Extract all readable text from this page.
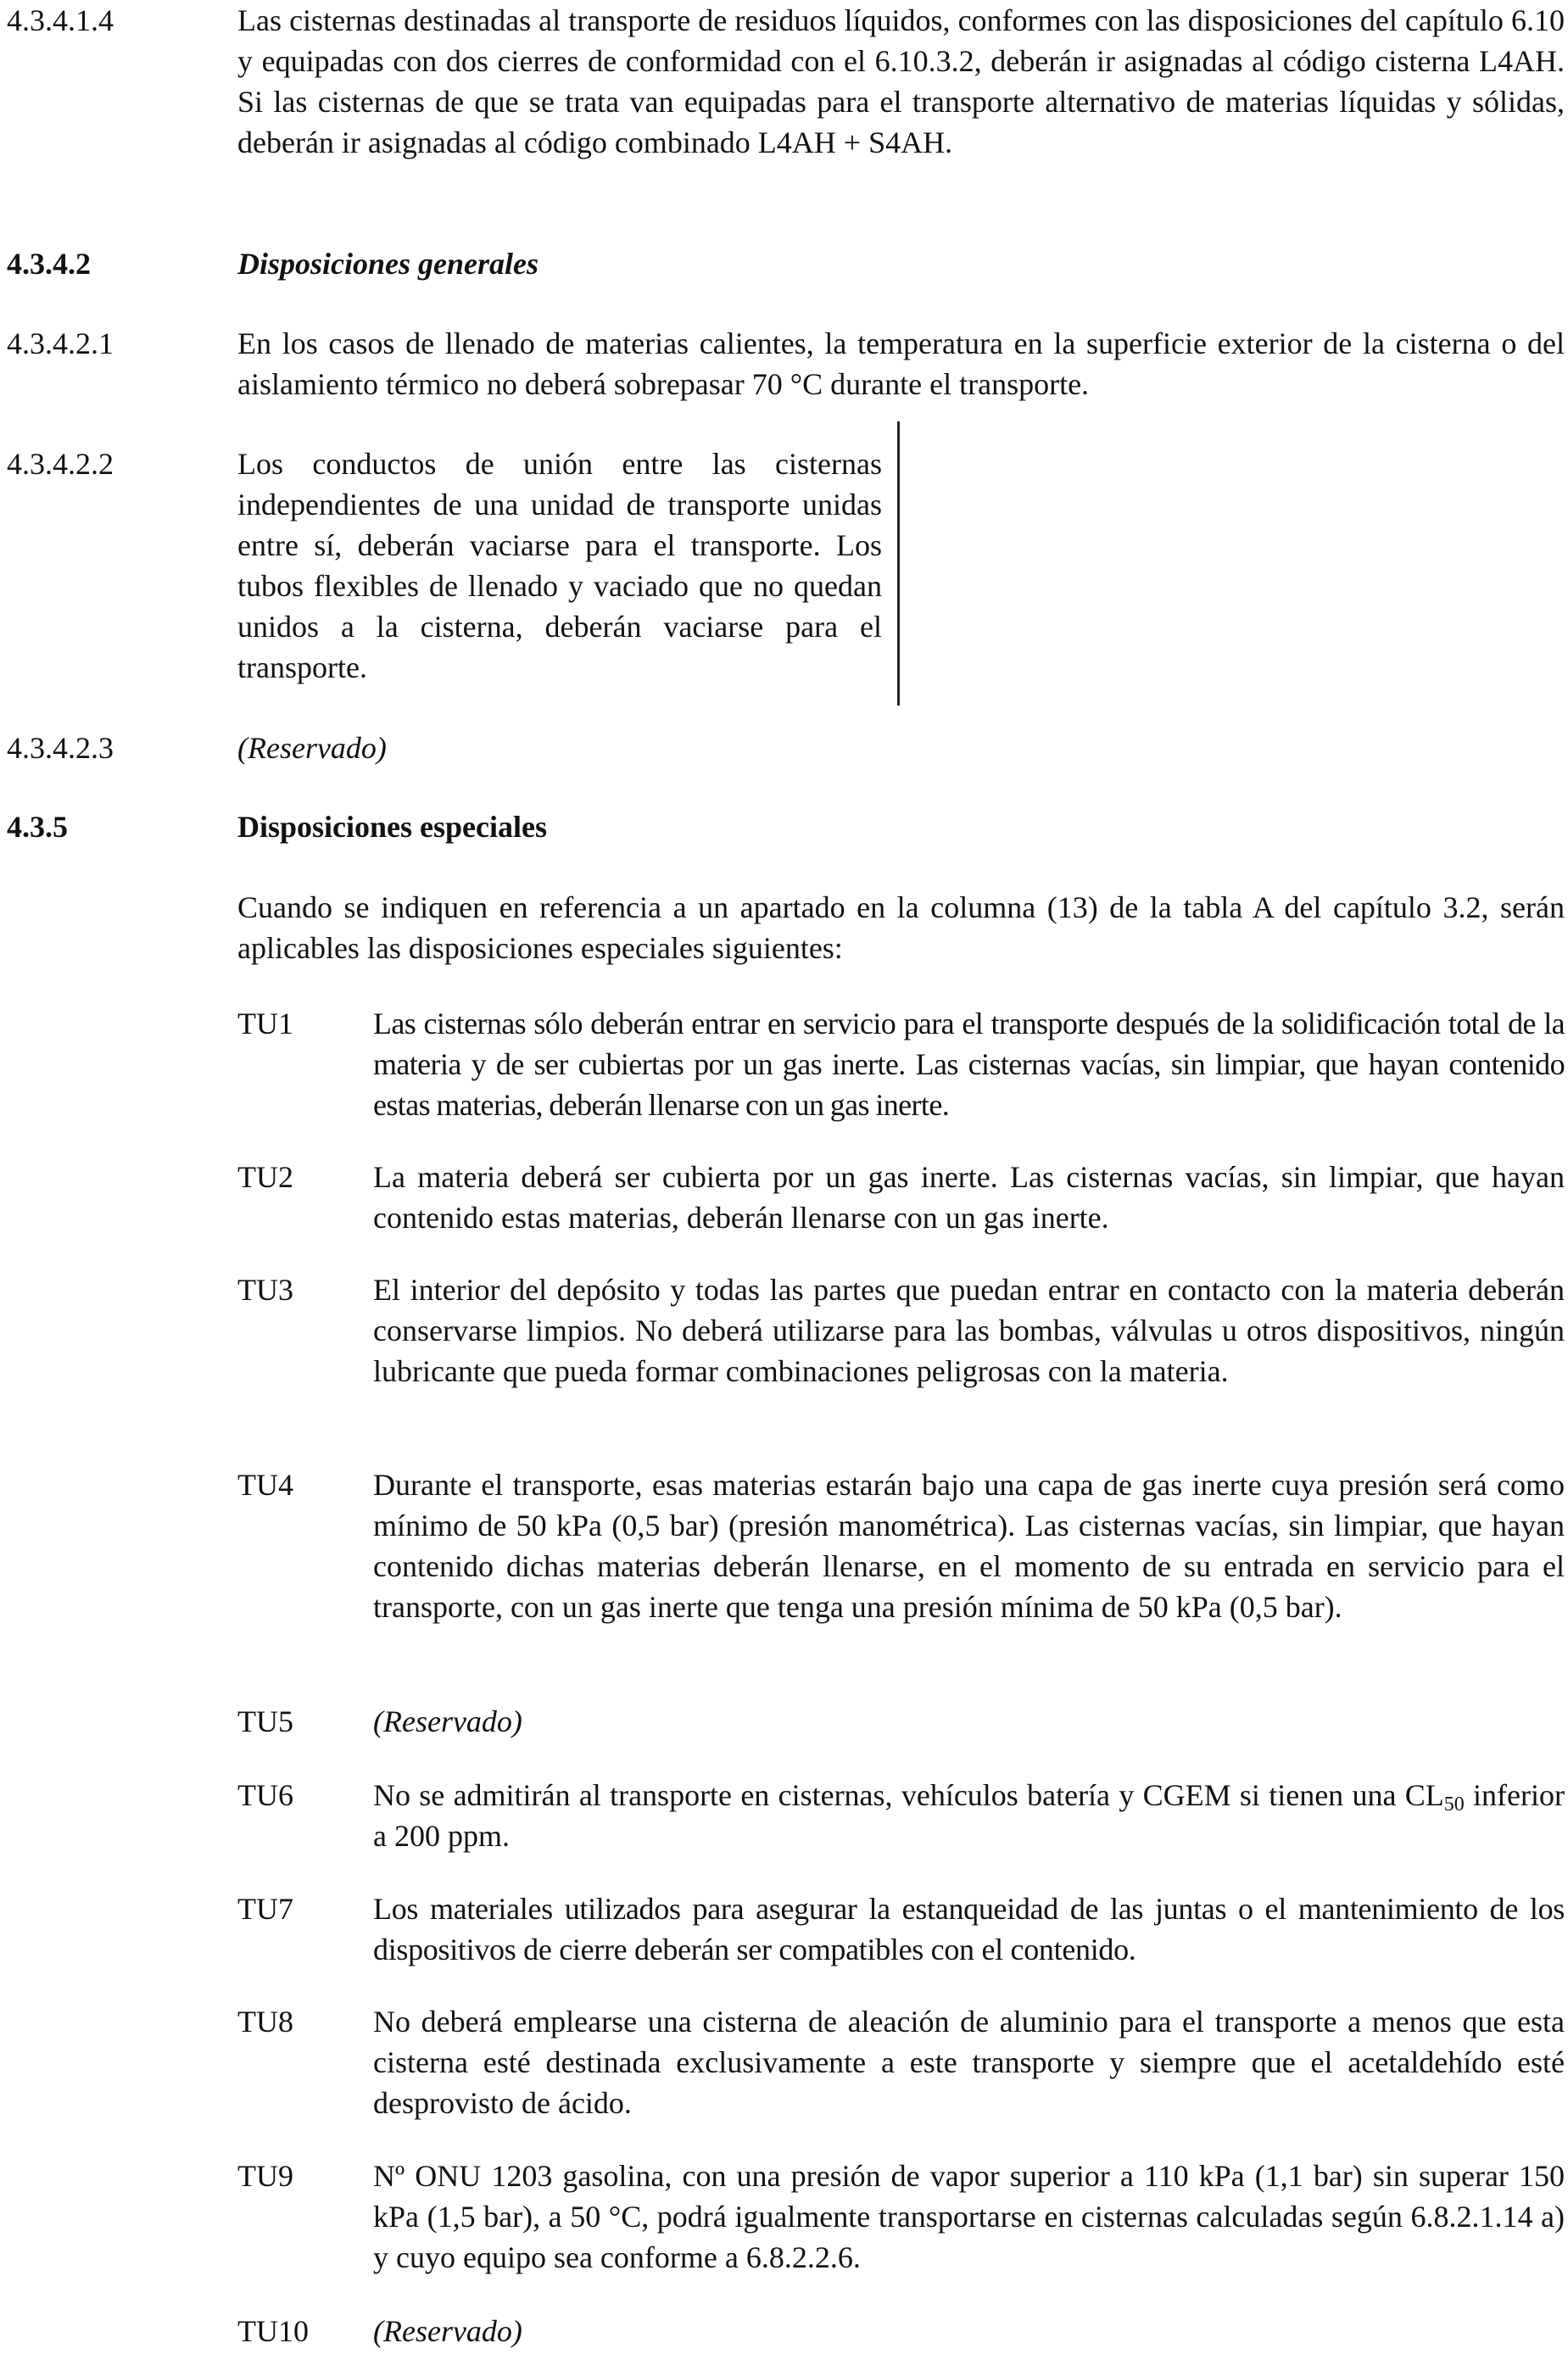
4.3.4.1.4	Las cisternas destinadas al transporte de residuos líquidos, conformes con las disposiciones del capítulo 6.10 y equipadas con dos cierres de conformidad con el 6.10.3.2, deberán ir asignadas al código cisterna L4AH. Si las cisternas de que se trata van equipadas para el transporte alternativo de materias líquidas y sólidas, deberán ir asignadas al código combinado L4AH + S4AH.
4.3.4.2	Disposiciones generales
4.3.4.2.1	En los casos de llenado de materias calientes, la temperatura en la superficie exterior de la cisterna o del aislamiento térmico no deberá sobrepasar 70 °C durante el transporte.
4.3.4.2.2	Los conductos de unión entre las cisternas independientes de una unidad de transporte unidas entre sí, deberán vaciarse para el transporte. Los tubos flexibles de llenado y vaciado que no quedan unidos a la cisterna, deberán vaciarse para el transporte.
4.3.4.2.3	(Reservado)
4.3.5	Disposiciones especiales
Cuando se indiquen en referencia a un apartado en la columna (13) de la tabla A del capítulo 3.2, serán aplicables las disposiciones especiales siguientes:
TU1	Las cisternas sólo deberán entrar en servicio para el transporte después de la solidificación total de la materia y de ser cubiertas por un gas inerte. Las cisternas vacías, sin limpiar, que hayan contenido estas materias, deberán llenarse con un gas inerte.
TU2	La materia deberá ser cubierta por un gas inerte. Las cisternas vacías, sin limpiar, que hayan contenido estas materias, deberán llenarse con un gas inerte.
TU3	El interior del depósito y todas las partes que puedan entrar en contacto con la materia deberán conservarse limpios. No deberá utilizarse para las bombas, válvulas u otros dispositivos, ningún lubricante que pueda formar combinaciones peligrosas con la materia.
TU4	Durante el transporte, esas materias estarán bajo una capa de gas inerte cuya presión será como mínimo de 50 kPa (0,5 bar) (presión manométrica). Las cisternas vacías, sin limpiar, que hayan contenido dichas materias deberán llenarse, en el momento de su entrada en servicio para el transporte, con un gas inerte que tenga una presión mínima de 50 kPa (0,5 bar).
TU5	(Reservado)
TU6	No se admitirán al transporte en cisternas, vehículos batería y CGEM si tienen una $CL_{50}$ inferior a 200 ppm.
TU7	Los materiales utilizados para asegurar la estanqueidad de las juntas o el mantenimiento de los dispositivos de cierre deberán ser compatibles con el contenido.
TU8	No deberá emplearse una cisterna de aleación de aluminio para el transporte a menos que esta cisterna esté destinada exclusivamente a este transporte y siempre que el acetaldehído esté desprovisto de ácido.
TU9	Nº ONU 1203 gasolina, con una presión de vapor superior a 110 kPa (1,1 bar) sin superar 150 kPa (1,5 bar), a 50 °C, podrá igualmente transportarse en cisternas calculadas según 6.8.2.1.14 a) y cuyo equipo sea conforme a 6.8.2.2.6.
TU10	(Reservado)
